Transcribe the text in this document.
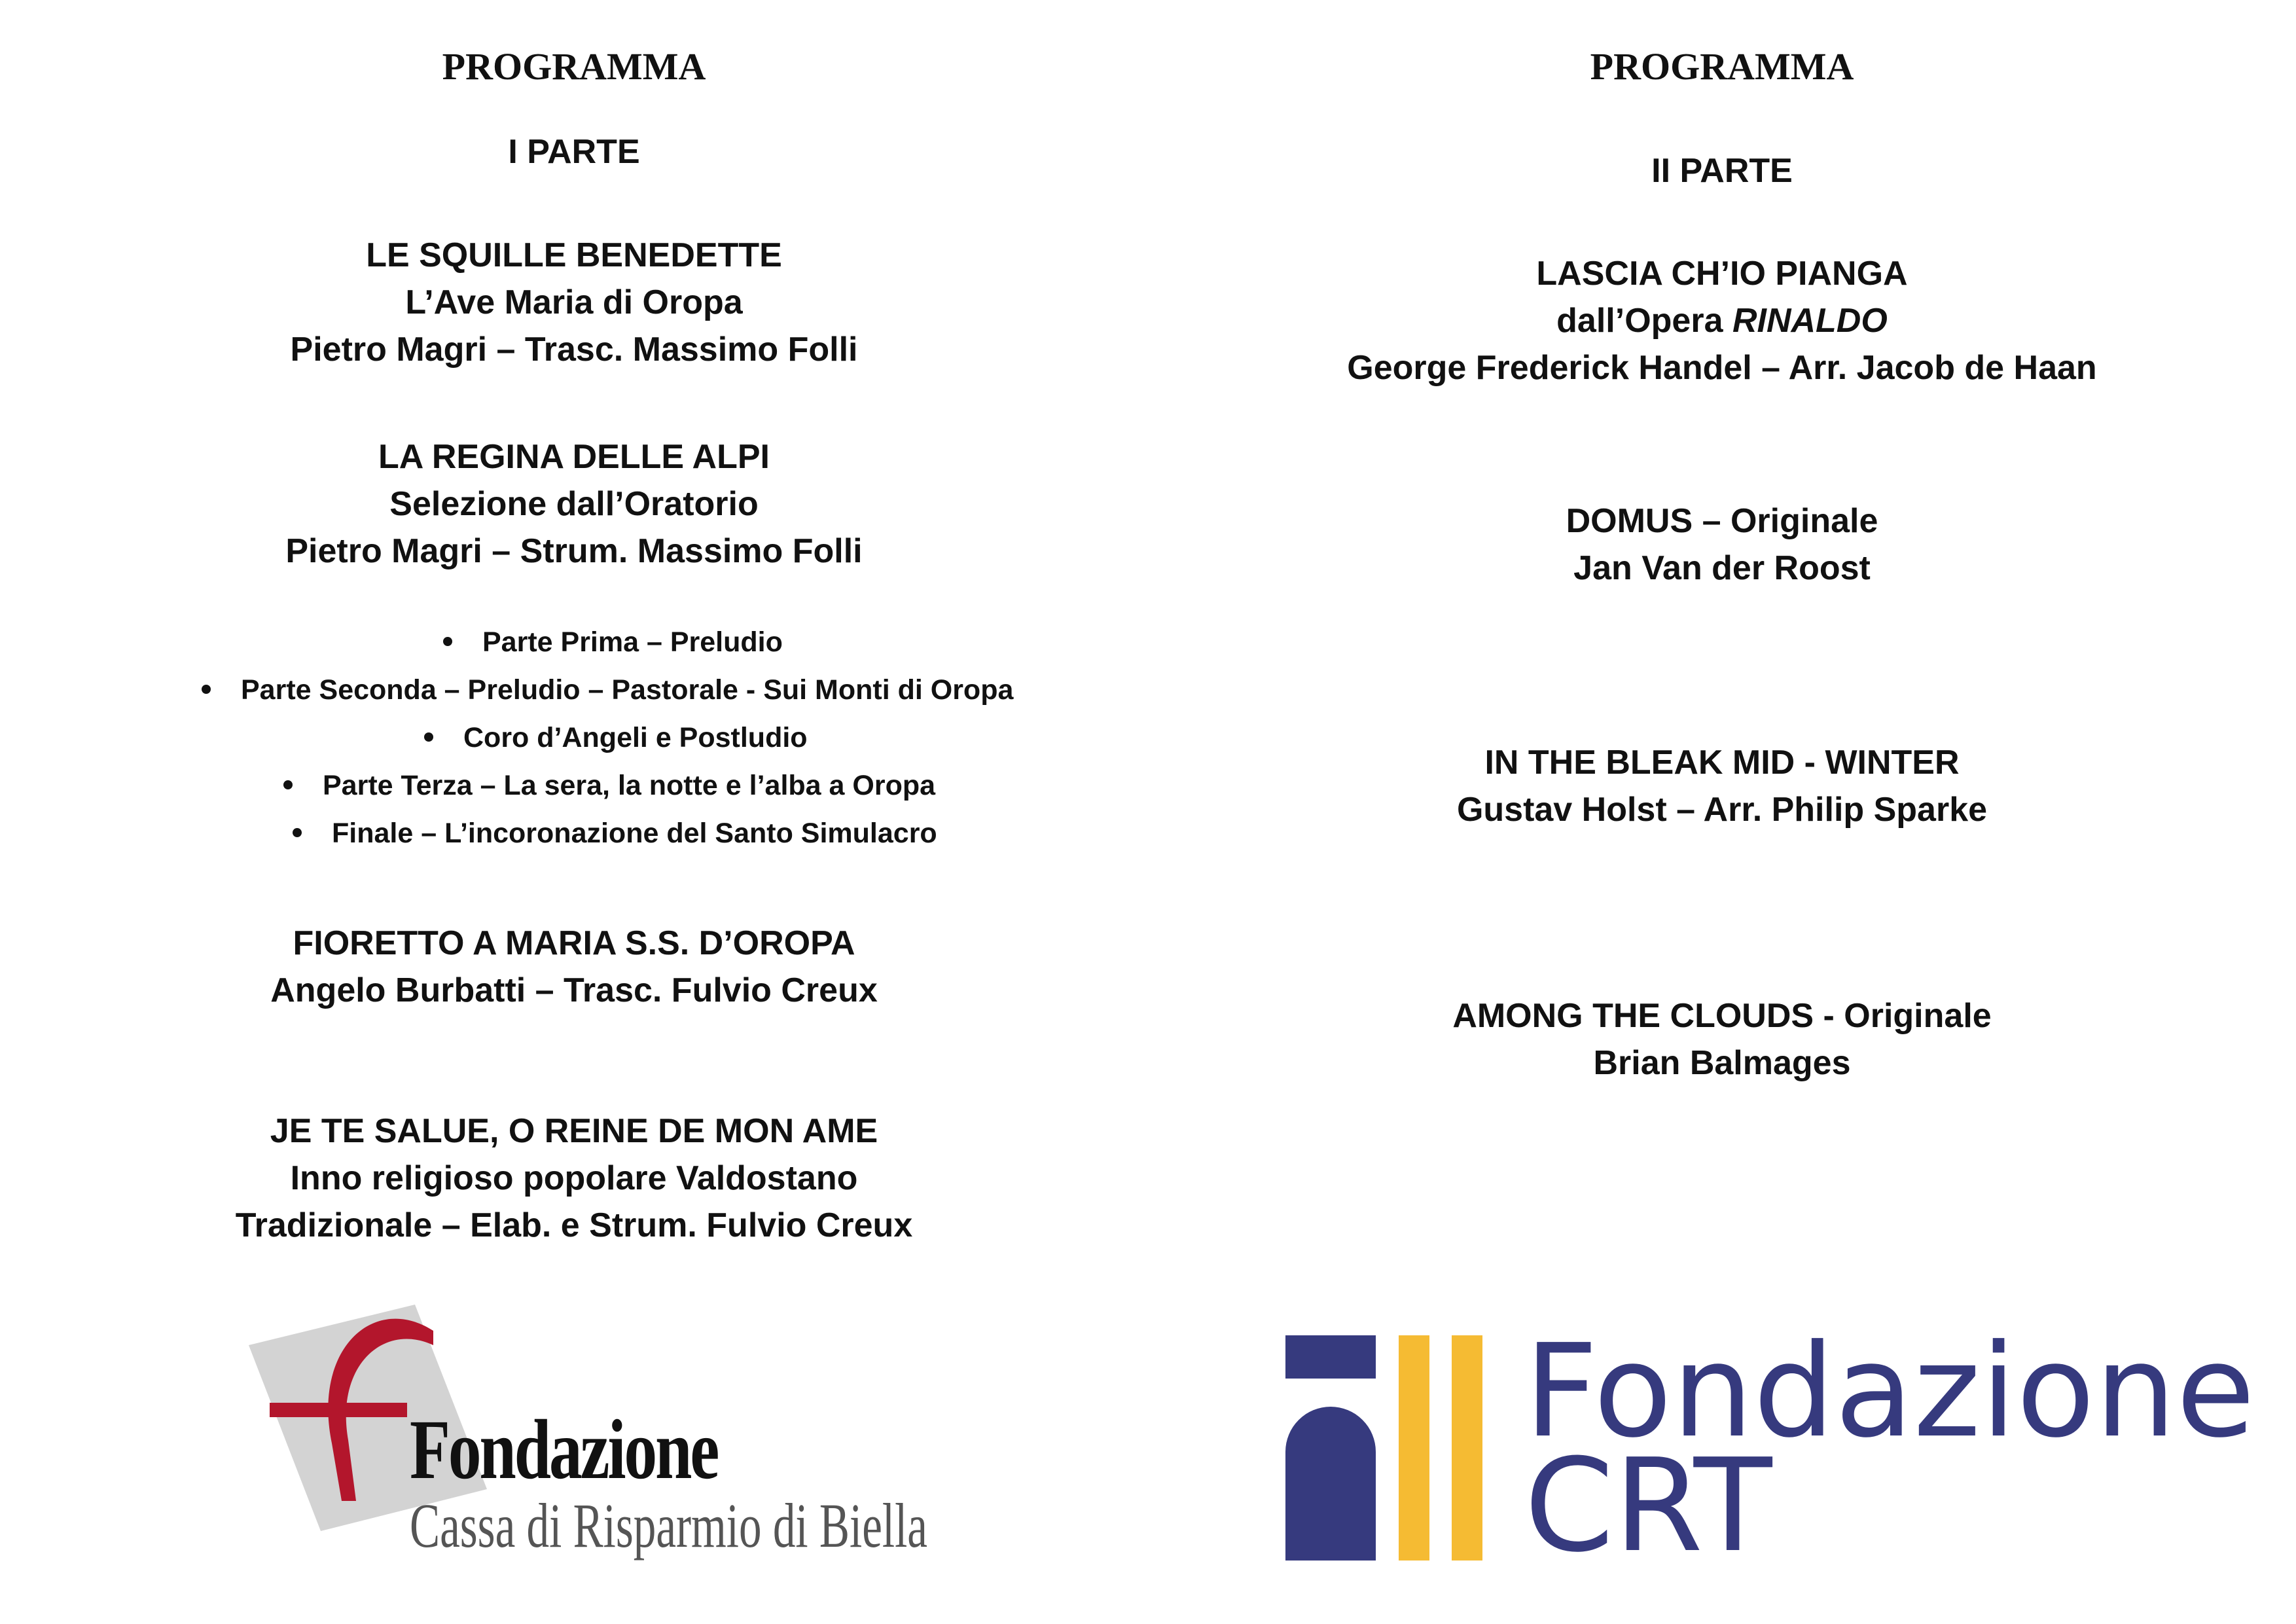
PROGRAMMA
I PARTE
LE SQUILLE BENEDETTE
L’Ave Maria di Oropa
Pietro Magri – Trasc. Massimo Folli
LA REGINA DELLE ALPI
Selezione dall’Oratorio
Pietro Magri – Strum. Massimo Folli
Parte Prima – Preludio
Parte Seconda – Preludio – Pastorale - Sui Monti di Oropa
Coro d’Angeli e Postludio
Parte Terza – La sera, la notte e l’alba a Oropa
Finale – L’incoronazione del Santo Simulacro
FIORETTO A MARIA S.S. D’OROPA
Angelo Burbatti – Trasc. Fulvio Creux
JE TE SALUE, O REINE DE MON AME
Inno religioso popolare Valdostano
Tradizionale – Elab. e Strum. Fulvio Creux
Fondazione
Cassa di Risparmio di Biella
PROGRAMMA
II PARTE
LASCIA CH’IO PIANGA
dall’Opera RINALDO
George Frederick Handel – Arr. Jacob de Haan
DOMUS – Originale
Jan Van der Roost
IN THE BLEAK MID - WINTER
Gustav Holst – Arr. Philip Sparke
AMONG THE CLOUDS - Originale
Brian Balmages
Fondazione
CRT
